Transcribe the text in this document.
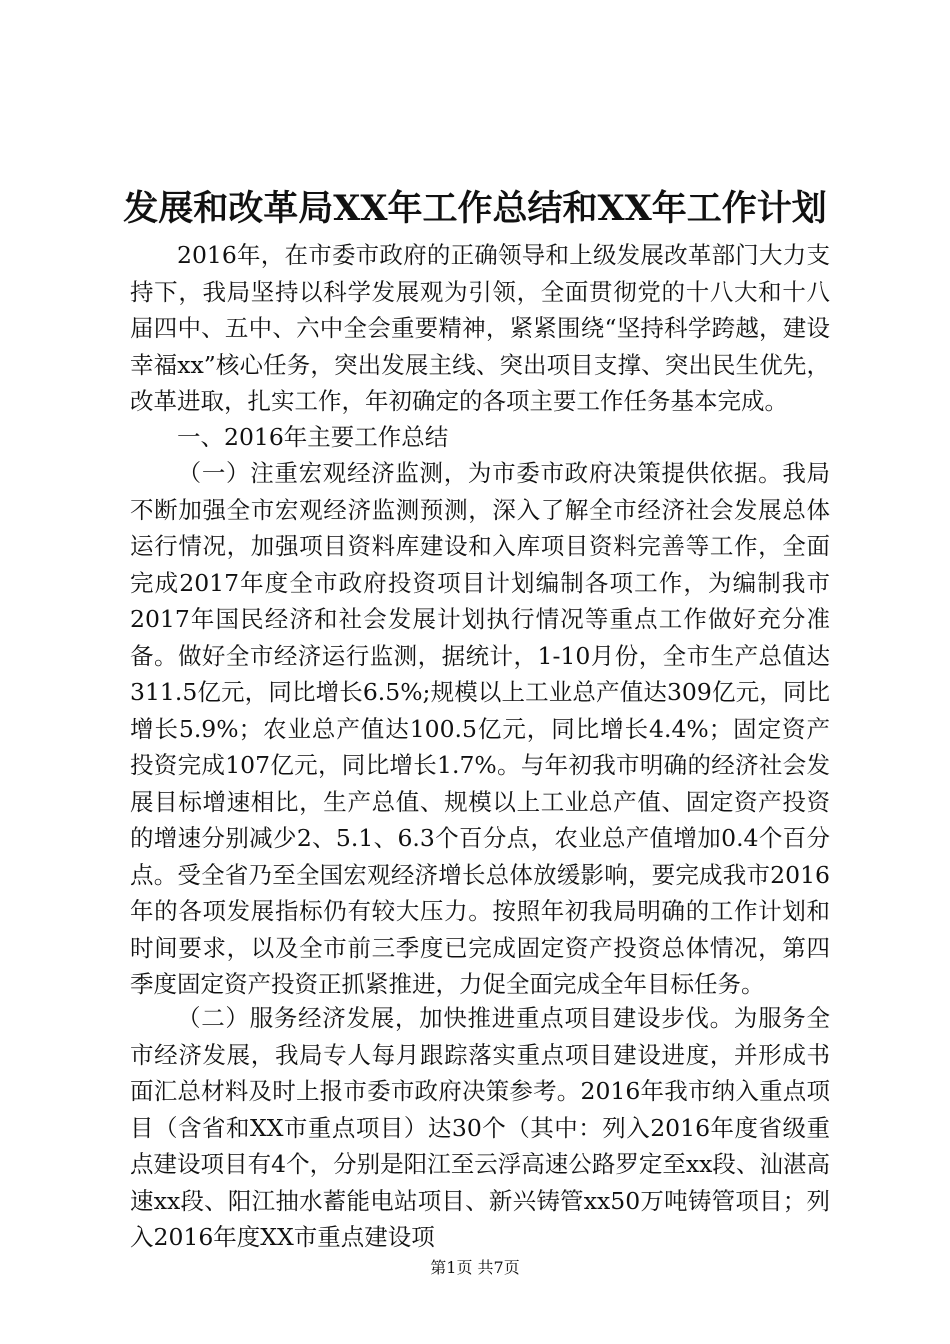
发展和改革局XX年工作总结和XX年工作计划

2016年，在市委市政府的正确领导和上级发展改革部门大力支持下，我局坚持以科学发展观为引领，全面贯彻党的十八大和十八届四中、五中、六中全会重要精神，紧紧围绕“坚持科学跨越，建设幸福xx”核心任务，突出发展主线、突出项目支撑、突出民生优先，改革进取，扎实工作，年初确定的各项主要工作任务基本完成。

一、2016年主要工作总结

（一）注重宏观经济监测，为市委市政府决策提供依据。我局不断加强全市宏观经济监测预测，深入了解全市经济社会发展总体运行情况，加强项目资料库建设和入库项目资料完善等工作，全面完成2017年度全市政府投资项目计划编制各项工作，为编制我市2017年国民经济和社会发展计划执行情况等重点工作做好充分准备。做好全市经济运行监测，据统计，1-10月份，全市生产总值达311.5亿元，同比增长6.5%;规模以上工业总产值达309亿元，同比增长5.9%；农业总产值达100.5亿元，同比增长4.4%；固定资产投资完成107亿元，同比增长1.7%。与年初我市明确的经济社会发展目标增速相比，生产总值、规模以上工业总产值、固定资产投资的增速分别减少2、5.1、6.3个百分点，农业总产值增加0.4个百分点。受全省乃至全国宏观经济增长总体放缓影响，要完成我市2016年的各项发展指标仍有较大压力。按照年初我局明确的工作计划和时间要求，以及全市前三季度已完成固定资产投资总体情况，第四季度固定资产投资正抓紧推进，力促全面完成全年目标任务。

（二）服务经济发展，加快推进重点项目建设步伐。为服务全市经济发展，我局专人每月跟踪落实重点项目建设进度，并形成书面汇总材料及时上报市委市政府决策参考。2016年我市纳入重点项目（含省和XX市重点项目）达30个（其中：列入2016年度省级重点建设项目有4个，分别是阳江至云浮高速公路罗定至xx段、汕湛高速xx段、阳江抽水蓄能电站项目、新兴铸管xx50万吨铸管项目；列入2016年度XX市重点建设项

第1页 共7页
